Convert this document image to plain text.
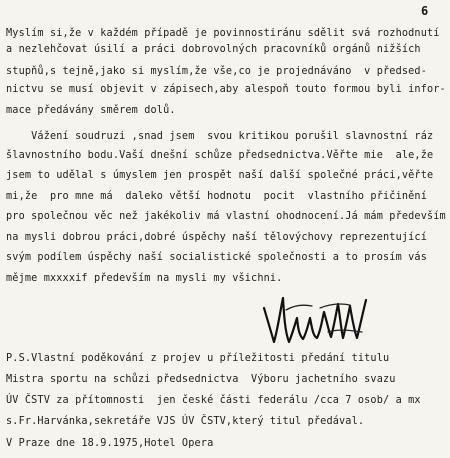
6
Myslím si,že v každém případě je povinnostiránu sdělit svá rozhodnutí
a nezlehčovat úsilí a práci dobrovolných pracovníků orgánů nižších
stupňů,s tejně,jako si myslím,že vše,co je projednáváno  v předsed-
nictvu se musí objevit v zápisech,aby alespoň touto formou byli infor-
mace předávány směrem dolů.
Vážení soudruzi ,snad jsem  svou kritikou porušil slavnostní ráz
šlavnostního bodu.Vaší dnešní schůze předsednictva.Věřte mie  ale,že
jsem to udělal s úmyslem jen prospět naší další společné práci,věřte
mi,že  pro mne má  daleko větší hodnotu  pocit  vlastního přičinění
pro společnou věc než jakékoliv má vlastní ohodnocení.Já mám především
na mysli dobrou práci,dobré úspěchy naší tělovýchovy reprezentující
svým podílem úspěchy naší socialistické společnosti a to prosím vás
mějme mxxxxif především na mysli my všichni.
P.S.Vlastní poděkování z projev u příležitosti předání titulu
Mistra sportu na schůzi předsednictva  Výboru jachetního svazu
ÚV ČSTV za přítomnosti  jen české části federálu /cca 7 osob/ a mx
s.Fr.Harvánka,sekretáře VJS ÚV ČSTV,který titul předával.
V Praze dne 18.9.1975,Hotel Opera
